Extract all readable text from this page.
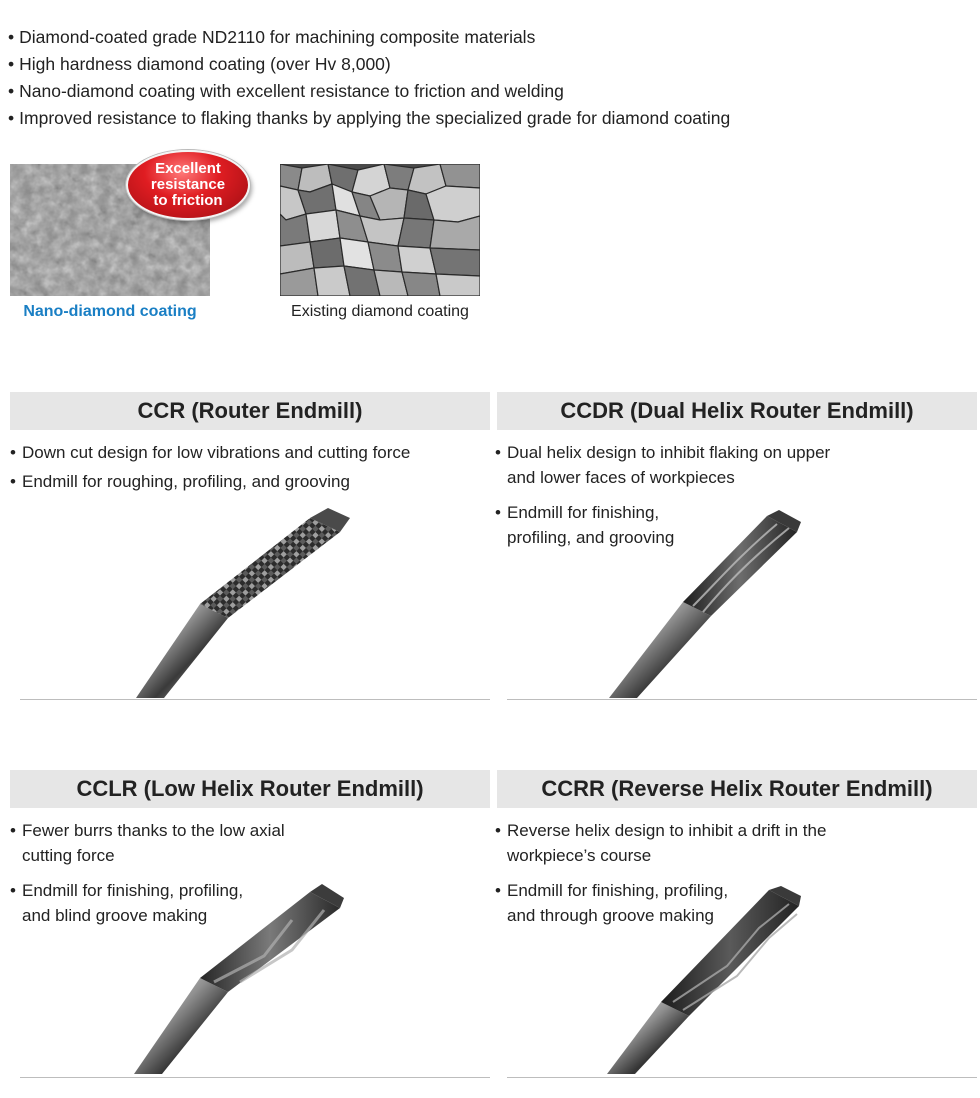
• Diamond-coated grade ND2110 for machining composite materials
• High hardness diamond coating (over Hv 8,000)
• Nano-diamond coating with excellent resistance to friction and welding
• Improved resistance to flaking thanks by applying the specialized grade for diamond coating
Nano-diamond coating
Excellent
resistance
to friction
Existing diamond coating
CCR (Router Endmill)
• Down cut design for low vibrations and cutting force
• Endmill for roughing, profiling, and grooving
CCDR (Dual Helix Router Endmill)
• Dual helix design to inhibit flaking on upper and lower faces of workpieces
• Endmill for finishing, profiling, and grooving
CCLR (Low Helix Router Endmill)
• Fewer burrs thanks to the low axial cutting force
• Endmill for finishing, profiling, and blind groove making
CCRR (Reverse Helix Router Endmill)
• Reverse helix design to inhibit a drift in the workpiece’s course
• Endmill for finishing, profiling, and through groove making
